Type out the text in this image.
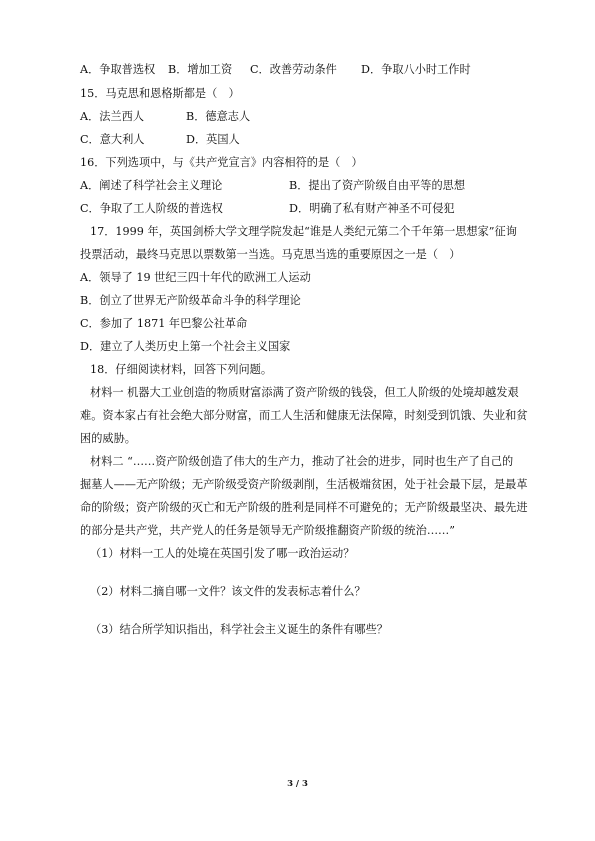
A．争取普选权 B．增加工资 C．改善劳动条件 D．争取八小时工作时
15．马克思和恩格斯都是（　）
A．法兰西人	B．德意志人
C．意大利人	D．英国人
16．下列选项中，与《共产党宣言》内容相符的是（　）
A．阐述了科学社会主义理论	B．提出了资产阶级自由平等的思想
C．争取了工人阶级的普选权	D．明确了私有财产神圣不可侵犯
17．1999 年，英国剑桥大学文理学院发起“谁是人类纪元第二个千年第一思想家”征询
投票活动，最终马克思以票数第一当选。马克思当选的重要原因之一是（　）
A．领导了 19 世纪三四十年代的欧洲工人运动
B．创立了世界无产阶级革命斗争的科学理论
C．参加了 1871 年巴黎公社革命
D．建立了人类历史上第一个社会主义国家
18．仔细阅读材料，回答下列问题。
材料一 机器大工业创造的物质财富添满了资产阶级的钱袋，但工人阶级的处境却越发艰
难。资本家占有社会绝大部分财富，而工人生活和健康无法保障，时刻受到饥饿、失业和贫
困的威胁。
材料二 “……资产阶级创造了伟大的生产力，推动了社会的进步，同时也生产了自己的
掘墓人——无产阶级；无产阶级受资产阶级剥削，生活极端贫困，处于社会最下层，是最革
命的阶级；资产阶级的灭亡和无产阶级的胜利是同样不可避免的；无产阶级最坚决、最先进
的部分是共产党，共产党人的任务是领导无产阶级推翻资产阶级的统治……”
（1）材料一工人的处境在英国引发了哪一政治运动？
（2）材料二摘自哪一文件？该文件的发表标志着什么？
（3）结合所学知识指出，科学社会主义诞生的条件有哪些？
3 / 3
